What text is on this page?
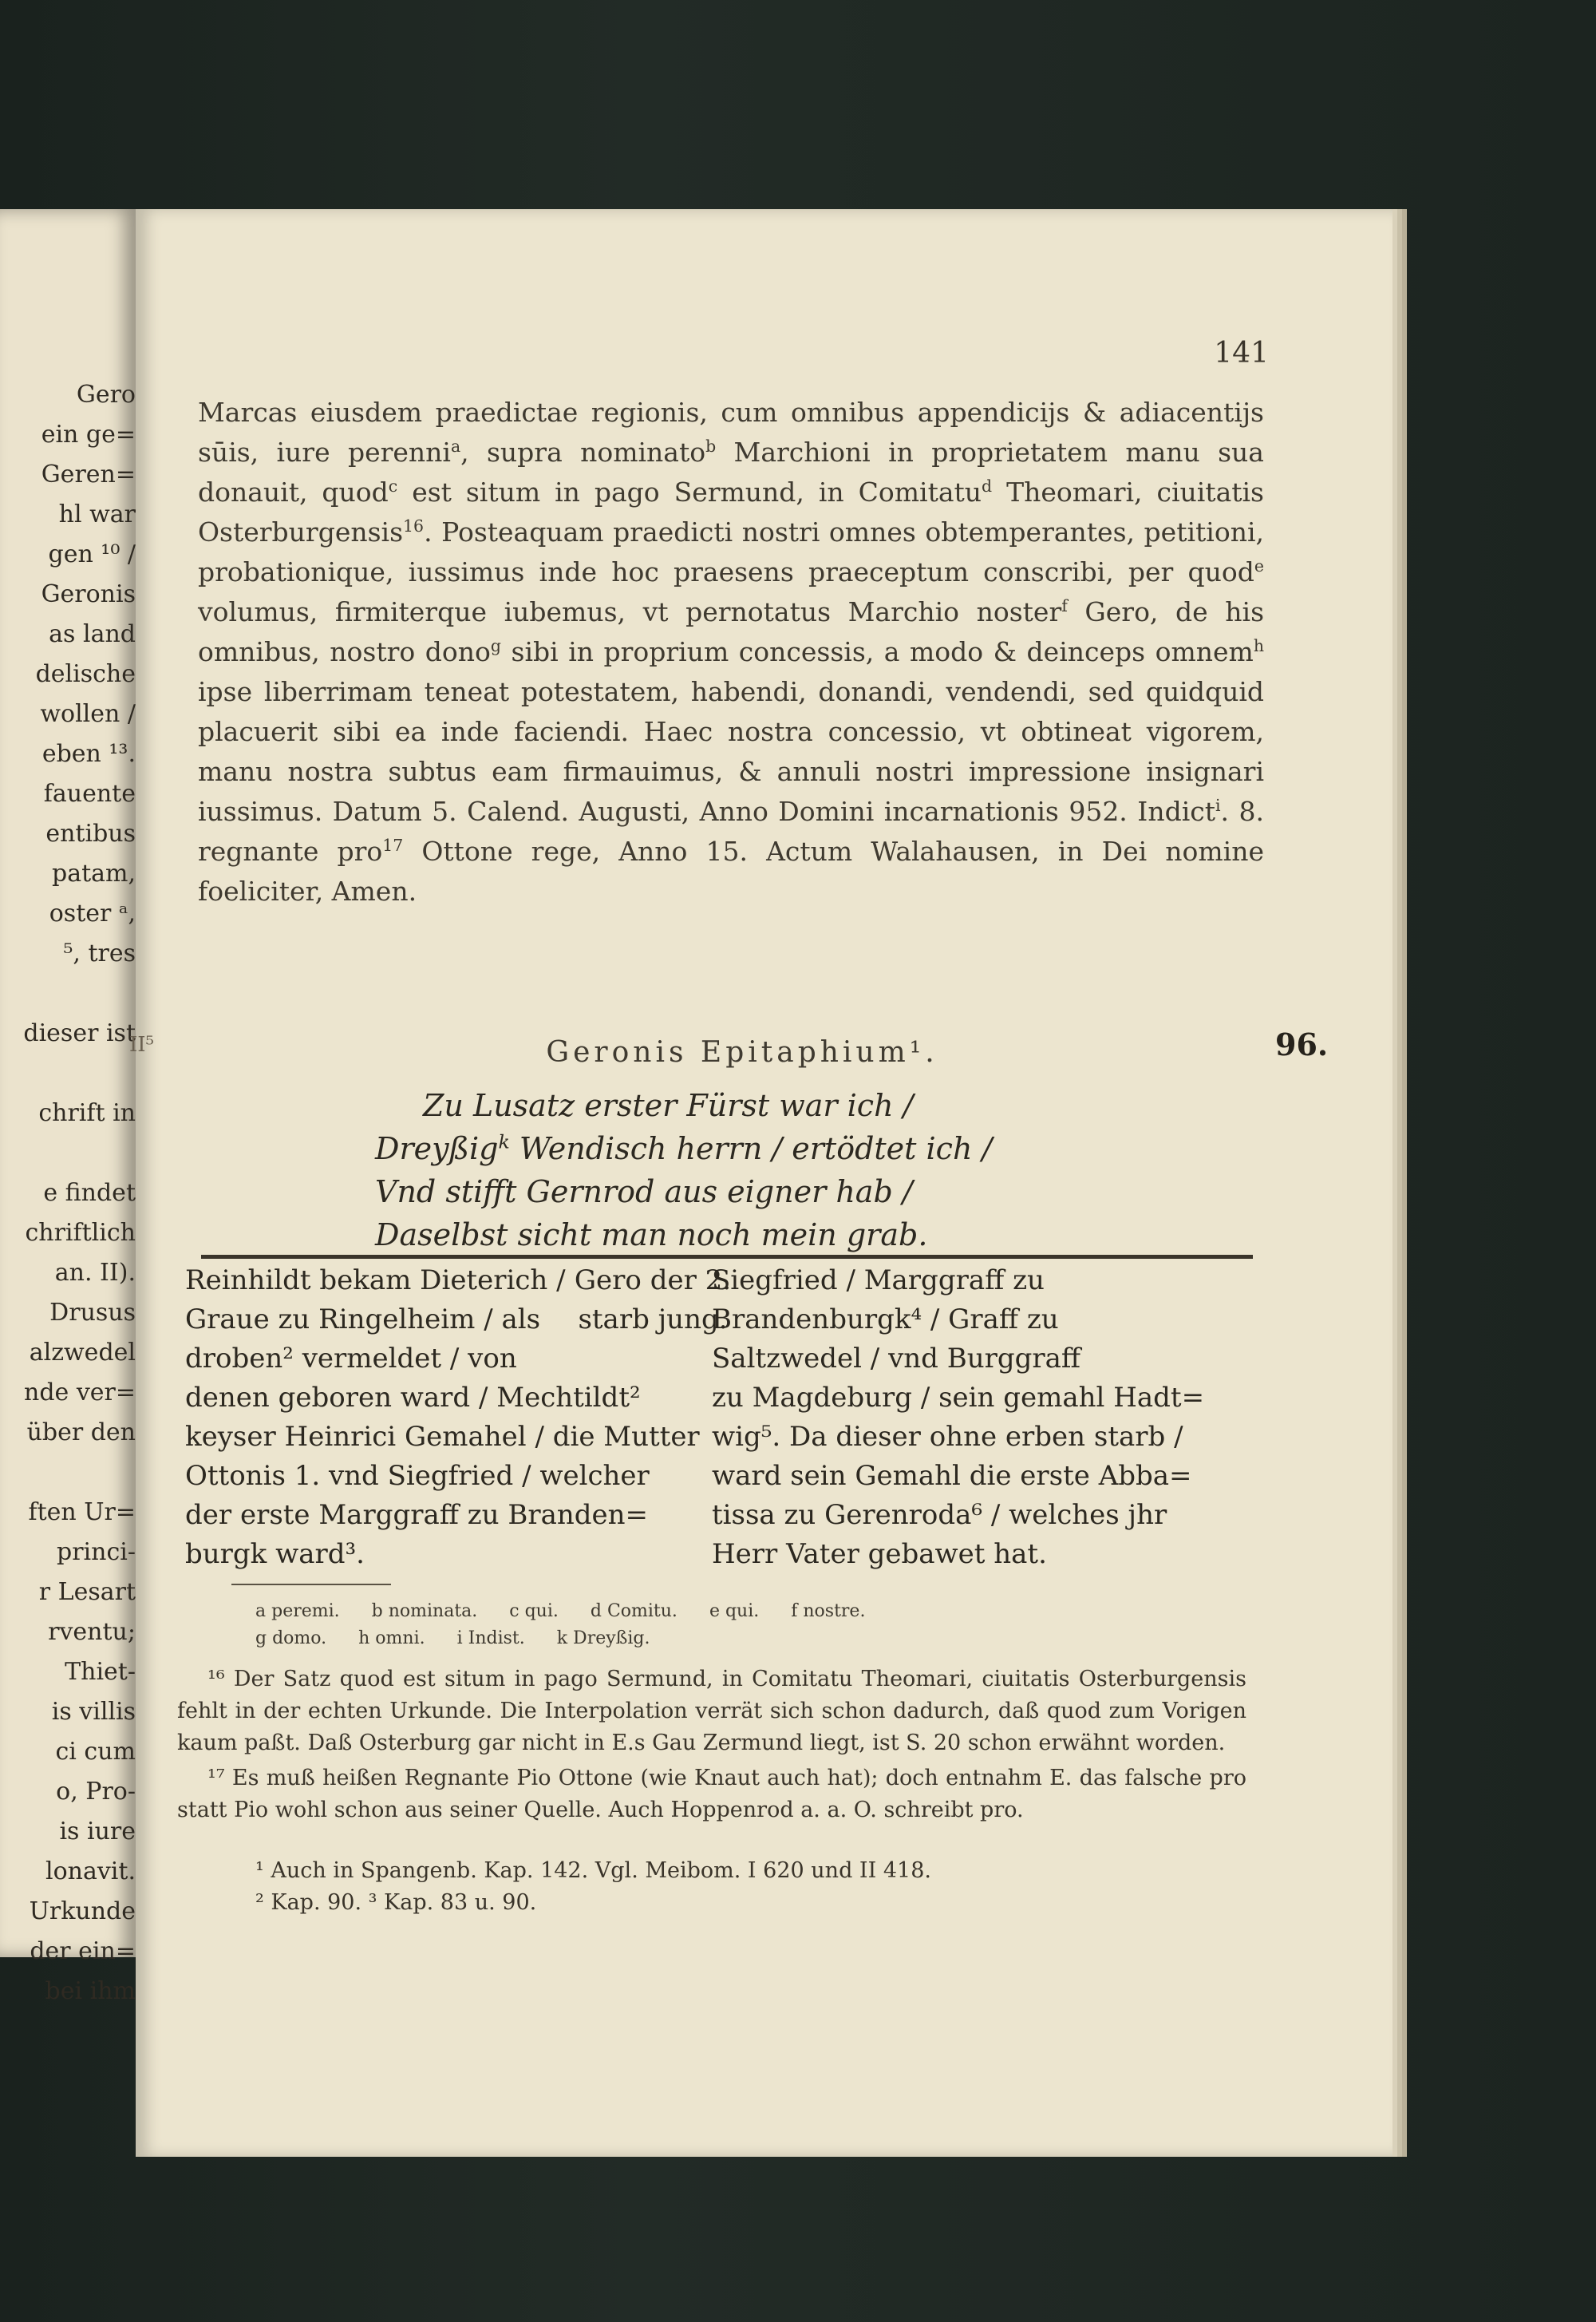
Gero
ein ge=
Geren=
hl war
gen ¹⁰ /
Geronis
as land
delische
wollen /
eben ¹³.
fauente
entibus
patam,
oster ᵃ,
⁵, tres
dieser ist
chrift in
e findet
chriftlich
an. II).
Drusus
alzwedel
nde ver=
über den
ften Ur=
princi-
r Lesart
rventu;
Thiet-
is villis
ci cum
o, Pro-
is iure
lonavit.
Urkunde
der ein=
bei ihm
141

Marcas eiusdem praedictae regionis, cum omnibus appendicijs & adiacentijs sūis, iure perenni$^a$, supra nominato$^b$ Marchioni in proprietatem manu sua donauit, quod$^c$ est situm in pago Sermund, in Comitatu$^d$ Theomari, ciuitatis Osterburgensis$^{16}$. Posteaquam praedicti nostri omnes obtemperantes, petitioni, probationique, iussimus inde hoc praesens praeceptum conscribi, per quod$^e$ volumus, firmiterque iubemus, vt pernotatus Marchio noster$^f$ Gero, de his omnibus, nostro dono$^g$ sibi in proprium concessis, a modo & deinceps omnem$^h$ ipse liberrimam teneat potestatem, habendi, donandi, vendendi, sed quidquid placuerit sibi ea inde faciendi. Haec nostra concessio, vt obtineat vigorem, manu nostra subtus eam firmauimus, & annuli nostri impressione insignari iussimus. Datum 5. Calend. Augusti, Anno Domini incarnationis 952. Indict$^i$. 8. regnante pro$^{17}$ Ottone rege, Anno 15. Actum Walahausen, in Dei nomine foeliciter, Amen.

II⁵	Geronis Epitaphium¹.	96.
Zu Lusatz erster Fürst war ich /
Dreyßig$^k$ Wendisch herrn / ertödtet ich /
Vnd stifft Gernrod aus eigner hab /
Daselbst sicht man noch mein grab.
Reinhildt bekam Dieterich /
Graue zu Ringelheim / als
droben² vermeldet / von
denen geboren ward / Mechtildt²
keyser Heinrici Gemahel / die Mutter
Ottonis 1. vnd Siegfried / welcher
der erste Marggraff zu Branden=
burgk ward³.
Gero der 2.
starb jung.
Siegfried / Marggraff zu
Brandenburgk⁴ / Graff zu
Saltzwedel / vnd Burggraff
zu Magdeburg / sein gemahl Hadt=
wig⁵. Da dieser ohne erben starb /
ward sein Gemahl die erste Abba=
tissa zu Gerenroda⁶ / welches jhr
Herr Vater gebawet hat.
a peremi. b nominata. c qui. d Comitu. e qui. f nostre.
g domo. h omni. i Indist. k Dreyßig.

¹⁶ Der Satz quod est situm in pago Sermund, in Comitatu Theomari, ciuitatis Osterburgensis fehlt in der echten Urkunde. Die Interpolation verrät sich schon dadurch, daß quod zum Vorigen kaum paßt. Daß Osterburg gar nicht in E.s Gau Zermund liegt, ist S. 20 schon erwähnt worden.

¹⁷ Es muß heißen Regnante Pio Ottone (wie Knaut auch hat); doch entnahm E. das falsche pro statt Pio wohl schon aus seiner Quelle. Auch Hoppenrod a. a. O. schreibt pro.

¹ Auch in Spangenb. Kap. 142. Vgl. Meibom. I 620 und II 418.
² Kap. 90. ³ Kap. 83 u. 90.
